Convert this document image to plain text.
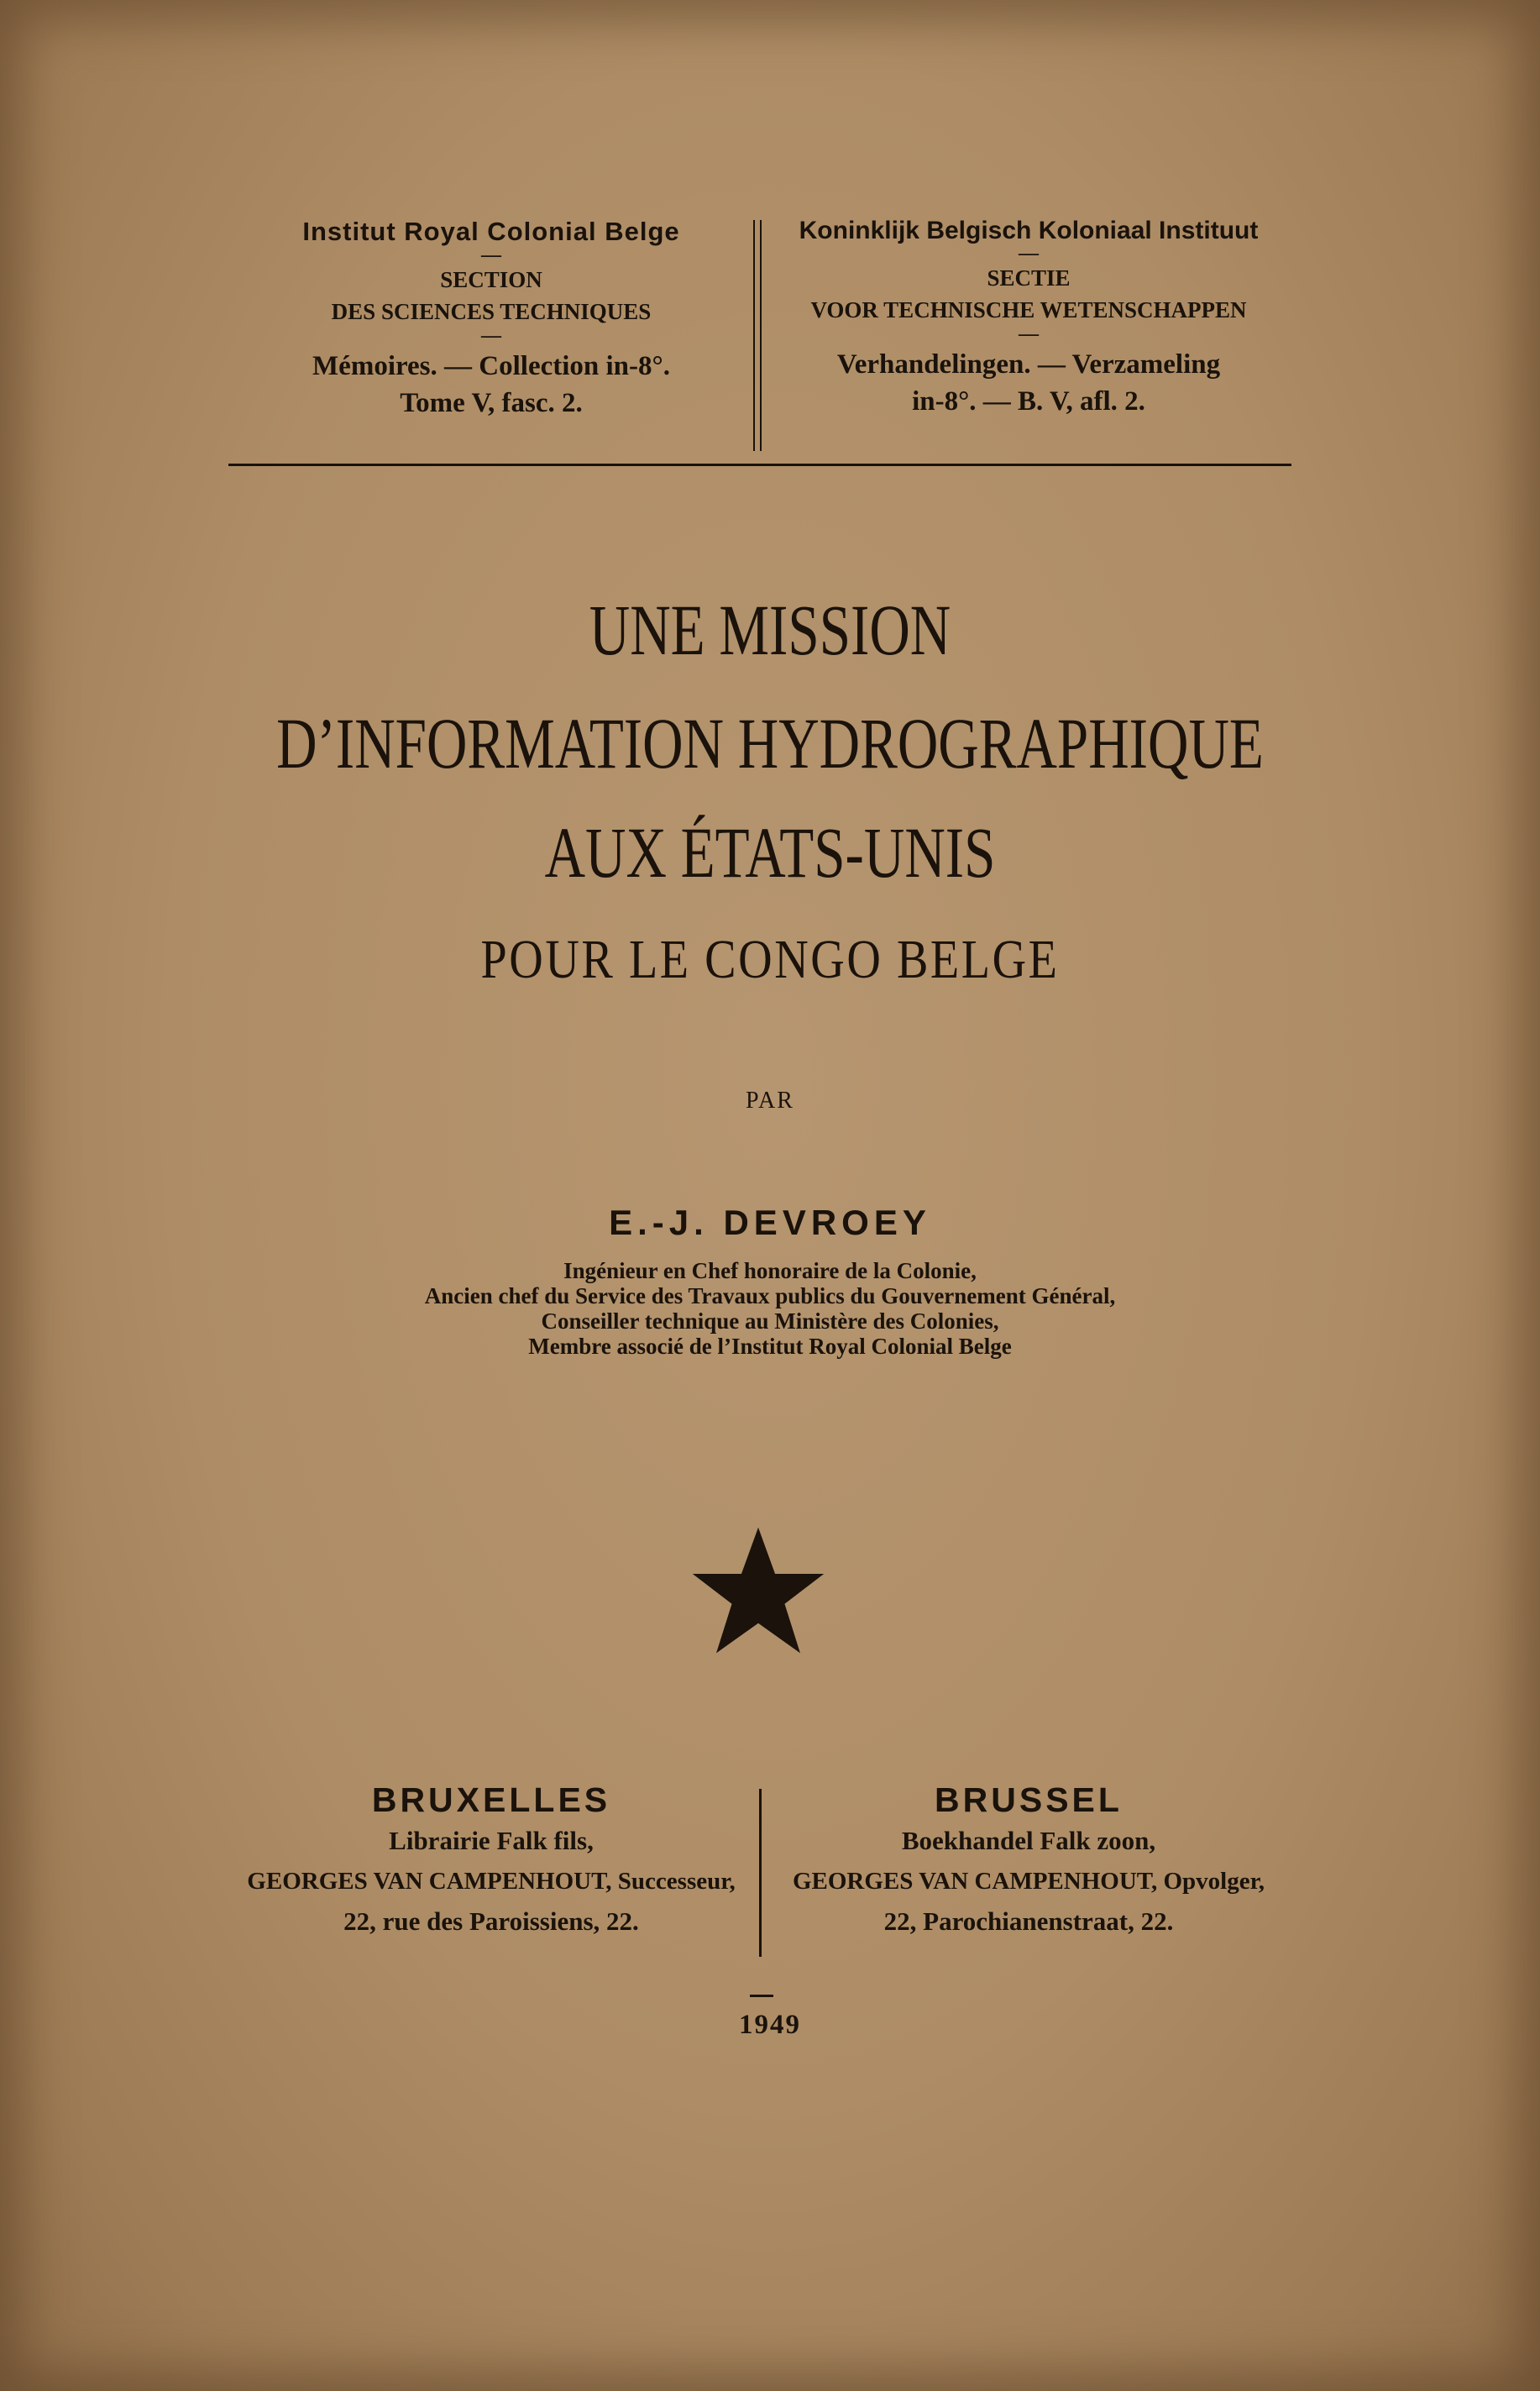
Institut Royal Colonial Belge
—
SECTION
DES SCIENCES TECHNIQUES
—
Mémoires. — Collection in-8°.
Tome V, fasc. 2.
Koninklijk Belgisch Koloniaal Instituut
—
SECTIE
VOOR TECHNISCHE WETENSCHAPPEN
—
Verhandelingen. — Verzameling
in-8°. — B. V, afl. 2.
UNE MISSION
D’INFORMATION HYDROGRAPHIQUE
AUX ÉTATS-UNIS
POUR LE CONGO BELGE
PAR
E.-J. DEVROEY
Ingénieur en Chef honoraire de la Colonie,
Ancien chef du Service des Travaux publics du Gouvernement Général,
Conseiller technique au Ministère des Colonies,
Membre associé de l’Institut Royal Colonial Belge
BRUXELLES
Librairie Falk fils,
GEORGES VAN CAMPENHOUT, Successeur,
22, rue des Paroissiens, 22.
BRUSSEL
Boekhandel Falk zoon,
GEORGES VAN CAMPENHOUT, Opvolger,
22, Parochianenstraat, 22.
1949
